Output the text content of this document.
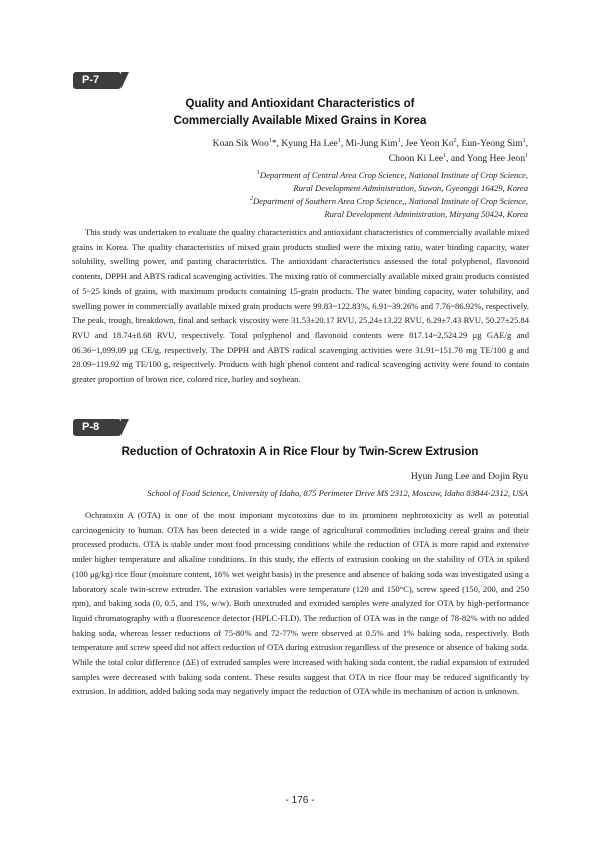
P-7
Quality and Antioxidant Characteristics of
Commercially Available Mixed Grains in Korea
Koan Sik Woo$^1$*, Kyung Ha Lee$^1$, Mi-Jung Kim$^1$, Jee Yeon Ko$^2$, Eun-Yeong Sim$^1$,
Choon Ki Lee$^1$, and Yong Hee Jeon$^1$
$^1$Department of Central Area Crop Science, National Institute of Crop Science,
Rural Development Administration, Suwon, Gyeonggi 16429, Korea
$^2$Department of Southern Area Crop Science,, National Institute of Crop Science,
Rural Development Administration, Miryang 50424, Korea

This study was undertaken to evaluate the quality characteristics and antioxidant characteristics of commercially available mixed grains in Korea. The quality characteristics of mixed grain products studied were the mixing ratio, water binding capacity, water solubility, swelling power, and pasting characteristics. The antioxidant characteristics assessed the total polyphenol, flavonoid contents, DPPH and ABTS radical scavenging activities. The mixing ratio of commercially available mixed grain products consisted of 5~25 kinds of grains, with maximum products containing 15-grain products. The water binding capacity, water solubility, and swelling power in commercially available mixed grain products were 99.83~122.83%, 6.91~39.26% and 7.76~86.92%, respectively. The peak, trough, breakdown, final and setback viscosity were 31.53±20.17 RVU, 25.24±13.22 RVU, 6.29±7.43 RVU, 50.27±25.84 RVU and 18.74±8.68 RVU, respectively. Total polyphenol and flavonoid contents were 817.14~2,524.29 μg GAE/g and 06.36~1,099.09 μg CE/g, respectively. The DPPH and ABTS radical scavenging activities were 31.91~151.70 mg TE/100 g and 28.09~119.92 mg TE/100 g, respectively. Products with high phenol content and radical scavenging activity were found to contain greater proportion of brown rice, colored rice, barley and soybean.

P-8
Reduction of Ochratoxin A in Rice Flour by Twin-Screw Extrusion
Hyun Jung Lee and Dojin Ryu
School of Food Science, University of Idaho, 875 Perimeter Drive MS 2312, Moscow, Idaho 83844-2312, USA

Ochratoxin A (OTA) is one of the most important mycotoxins due to its prominent nephrotoxicity as well as potential carcinogenicity to human. OTA has been detected in a wide range of agricultural commodities including cereal grains and their processed products. OTA is stable under most food processing conditions while the reduction of OTA is more rapid and extensive under higher temperature and alkaline conditions. In this study, the effects of extrusion cooking on the stability of OTA in spiked (100 μg/kg) rice flour (moisture content, 16% wet weight basis) in the presence and absence of baking soda was investigated using a laboratory scale twin-screw extruder. The extrusion variables were temperature (120 and 150°C), screw speed (150, 200, and 250 rpm), and baking soda (0, 0.5, and 1%, w/w). Both unextruded and extruded samples were analyzed for OTA by high-performance liquid chromatography with a fluorescence detector (HPLC-FLD). The reduction of OTA was in the range of 78-82% with no added baking soda, whereas lesser reductions of 75-80% and 72-77% were observed at 0.5% and 1% baking soda, respectively. Both temperature and screw speed did not affect reduction of OTA during extrusion regardless of the presence or absence of baking soda. While the total color difference (ΔE) of extruded samples were increased with baking soda content, the radial expansion of extruded samples were decreased with baking soda content. These results suggest that OTA in rice flour may be reduced significantly by extrusion. In addition, added baking soda may negatively impact the reduction of OTA while its mechanism of action is unknown.

- 176 -
